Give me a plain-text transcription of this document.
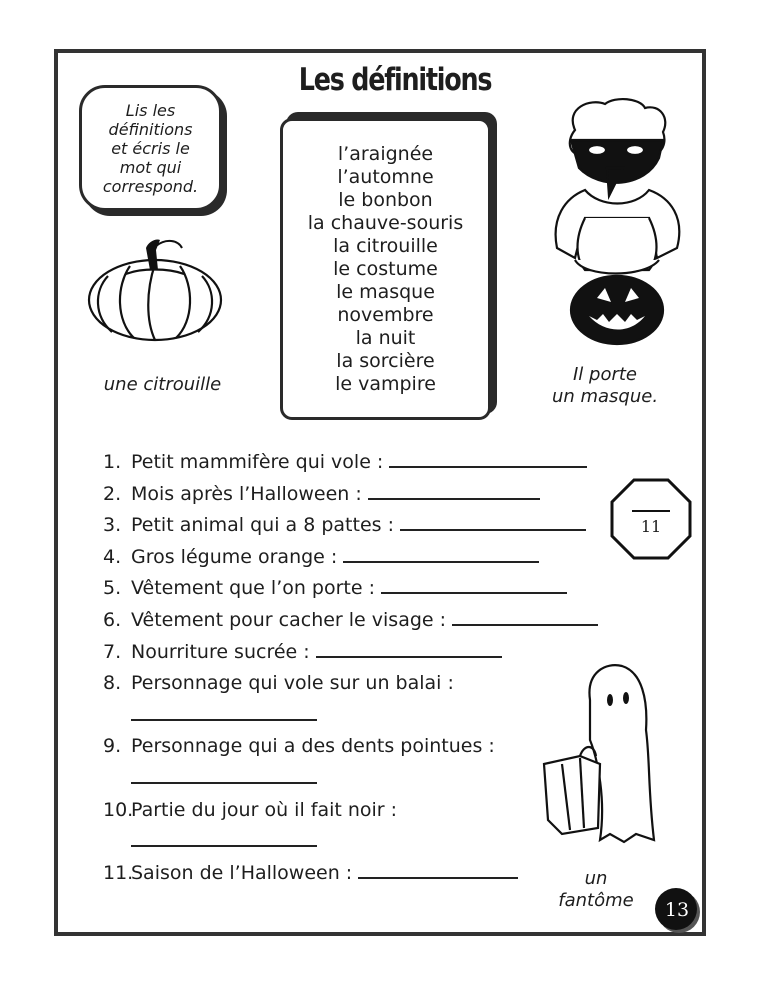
Les définitions
Lis les
définitions
et écris le
mot qui
correspond.
l’araignée
l’automne
le bonbon
la chauve-souris
la citrouille
le costume
le masque
novembre
la nuit
la sorcière
le vampire
une citrouille	Il porte
un masque.
un
fantôme
11
1. Petit mammifère qui vole :
2. Mois après l’Halloween :
3. Petit animal qui a 8 pattes :
4. Gros légume orange :
5. Vêtement que l’on porte :
6. Vêtement pour cacher le visage :
7. Nourriture sucrée :
8. Personnage qui vole sur un balai :
9. Personnage qui a des dents pointues :
10.Partie du jour où il fait noir :
11.Saison de l’Halloween :
13
